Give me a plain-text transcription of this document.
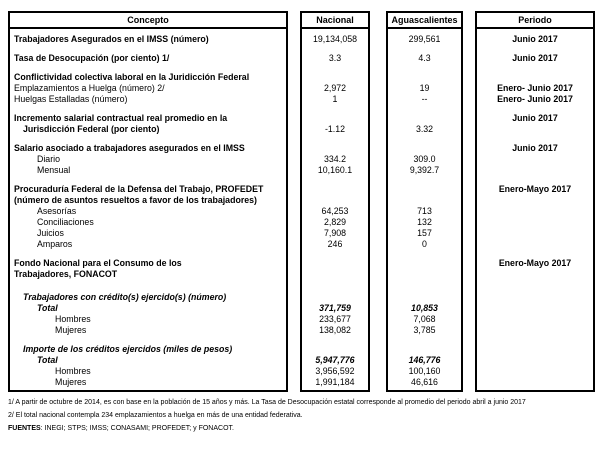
Concepto
Trabajadores Asegurados en el IMSS (número)
Tasa de Desocupación (por ciento) 1/
Conflictividad colectiva laboral en la Juridicción Federal
Emplazamientos a Huelga (número) 2/
Huelgas Estalladas (número)
Incremento salarial contractual real promedio en la
Jurisdicción Federal (por ciento)
Salario asociado a trabajadores asegurados en el IMSS
Diario
Mensual
Procuraduría Federal de la Defensa del Trabajo, PROFEDET
(número de asuntos resueltos a favor de los trabajadores)
Asesorías
Conciliaciones
Juicios
Amparos
Fondo Nacional para el Consumo de los
Trabajadores, FONACOT
Trabajadores con crédito(s) ejercido(s) (número)
Total
Hombres
Mujeres
Importe de los créditos ejercidos (miles de pesos)
Total
Hombres
Mujeres
Nacional
19,134,058
3.3

2,972
1

-1.12

334.2
10,160.1

64,253
2,829
7,908
246

371,759
233,677
138,082

5,947,776
3,956,592
1,991,184
Aguascalientes
299,561
4.3

19
--

3.32

309.0
9,392.7

713
132
157
0

10,853
7,068
3,785

146,776
100,160
46,616
Periodo
Junio 2017
Junio 2017

Enero- Junio 2017
Enero- Junio 2017
Junio 2017

Junio 2017

Enero-Mayo 2017

Enero-Mayo 2017

1/ A partir de octubre de 2014, es con base en la población de 15 años y más. La Tasa de Desocupación estatal corresponde al promedio del periodo abril a junio 2017
2/ El total nacional contempla 234 emplazamientos a huelga en más de una entidad federativa.
FUENTES: INEGI; STPS; IMSS; CONASAMI; PROFEDET; y FONACOT.
